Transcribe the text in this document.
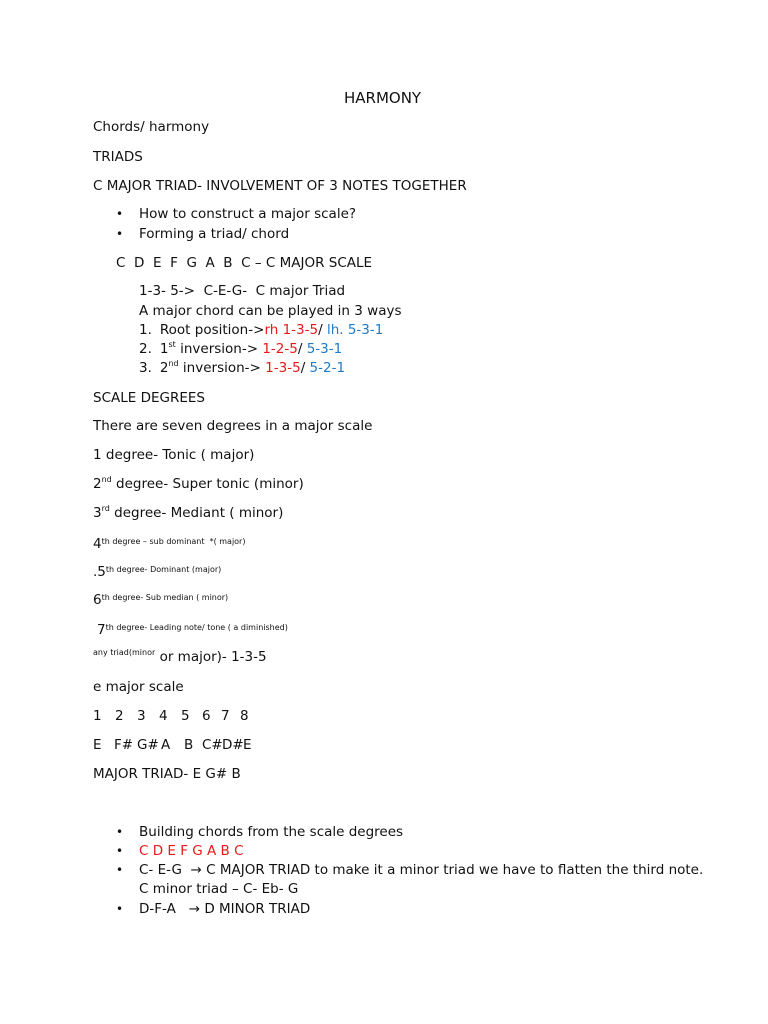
HARMONY
Chords/ harmony
TRIADS
C MAJOR TRIAD- INVOLVEMENT OF 3 NOTES TOGETHER
• How to construct a major scale?
• Forming a triad/ chord
C  D  E  F  G  A  B  C – C MAJOR SCALE
1-3- 5->  C-E-G-  C major Triad
A major chord can be played in 3 ways
1. Root position->rh 1-3-5/ lh. 5-3-1
2. 1st inversion-> 1-2-5/ 5-3-1
3. 2nd inversion-> 1-3-5/ 5-2-1
SCALE DEGREES
There are seven degrees in a major scale
1 degree- Tonic ( major)
2nd degree- Super tonic (minor)
3rd degree- Mediant ( minor)
$4^{th degree - sub dominant *( major)}$
$.5^{th degree- Dominant (major)}$
$6^{th degree- Sub median ( minor)}$
$7^{th degree- Leading note/ tone ( a diminished)}$
$^{any triad(minor}$ or major)- 1-3-5
e major scale
1 2 3 4 5 6 7 8
E F# G# A B C# D# E
MAJOR TRIAD- E G# B
• Building chords from the scale degrees
• C D E F G A B C
• C- E-G  → C MAJOR TRIAD to make it a minor triad we have to flatten the third note.
C minor triad – C- Eb- G
• D-F-A   → D MINOR TRIAD
